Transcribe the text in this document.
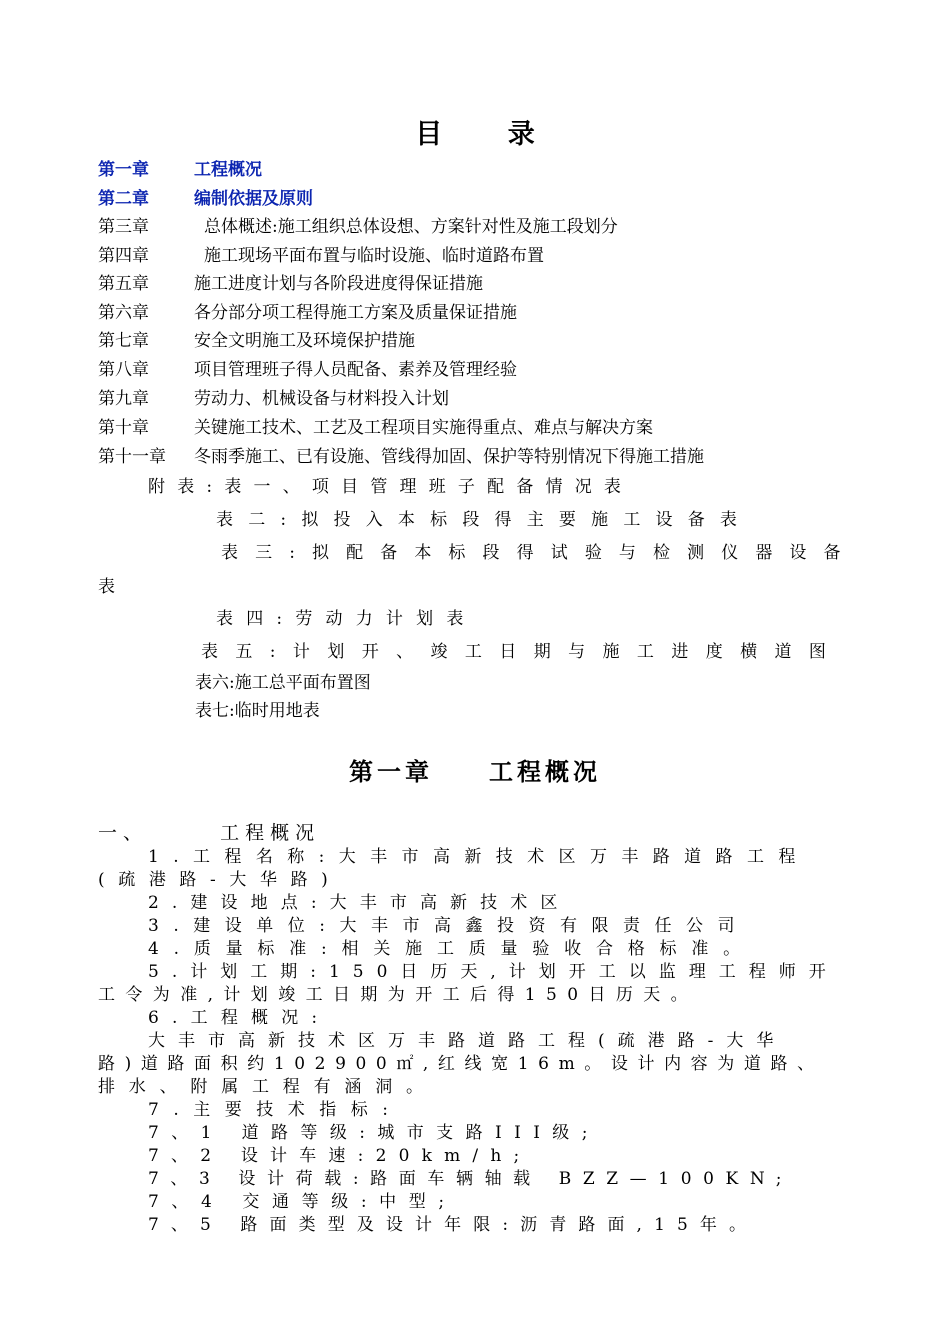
目 录
第一章	工程概况
第二章	编制依据及原则
第三章	总体概述:施工组织总体设想、方案针对性及施工段划分
第四章	施工现场平面布置与临时设施、临时道路布置
第五章	施工进度计划与各阶段进度得保证措施
第六章	各分部分项工程得施工方案及质量保证措施
第七章	安全文明施工及环境保护措施
第八章	项目管理班子得人员配备、素养及管理经验
第九章	劳动力、机械设备与材料投入计划
第十章	关键施工技术、工艺及工程项目实施得重点、难点与解决方案
第十一章 冬雨季施工、已有设施、管线得加固、保护等特别情况下得施工措施
附表:表一、项目管理班子配备情况表
表二:拟投入本标段得主要施工设备表
表三:拟配备本标段得试验与检测仪器设备
表
表四:劳动力计划表
表五:计划开、竣工日期与施工进度横道图
表六:施工总平面布置图
表七:临时用地表
第一章 工程概况
一、	工程概况
1.工程名称:大丰市高新技术区万丰路道路工程
(疏港路-大华路)
2.建设地点:大丰市高新技术区
3.建设单位:大丰市高鑫投资有限责任公司
4.质量标准:相关施工质量验收合格标准。
5.计划工期:150日历天,计划开工以监理工程师开
工令为准,计划竣工日期为开工后得150日历天。
6.工程概况:
大丰市高新技术区万丰路道路工程(疏港路-大华
路)道路面积约102900㎡,红线宽16m。设计内容为道路、
排水、附属工程有涵洞。
7.主要技术指标:
7、1 道路等级:城市支路III级;
7、2 设计车速:20km/h;
7、3 设计荷载:路面车辆轴载 BZZ—100KN;
7、4 交通等级:中型;
7、5 路面类型及设计年限:沥青路面,15年。
